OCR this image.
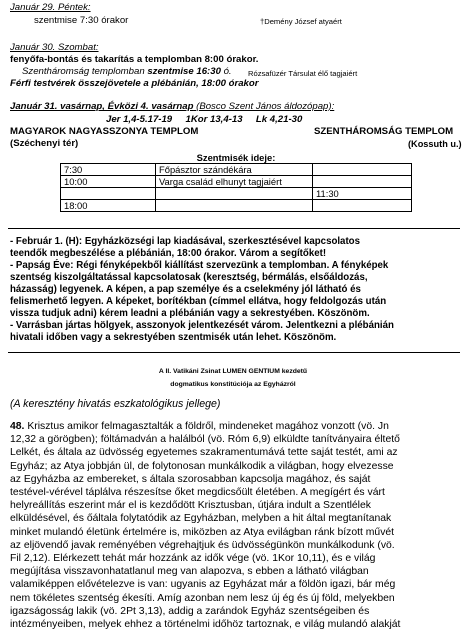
Január 29. Péntek:
szentmise 7:30 órakor	†Demény József atyaért
Január 30. Szombat:
fenyőfa-bontás és takarítás a templomban 8:00 órakor.
Szentháromság templomban szentmise 16:30 ó. Rózsafüzér Társulat élő tagjaiért
Férfi testvérek összejövetele a plébánián, 18:00 órakor
Január 31. vasárnap, Évközi 4. vasárnap (Bosco Szent János áldozópap):
Jer 1,4-5.17-19 1Kor 13,4-13 Lk 4,21-30
MAGYAROK NAGYASSZONYA TEMPLOM	SZENTHÁROMSÁG TEMPLOM
(Széchenyi tér)	(Kossuth u.)
Szentmisék ideje:		
7:30	Főpásztor szándékára	
10:00	Varga család elhunyt tagjaiért	
		11:30
18:00		
- Február 1. (H): Egyházközségi lap kiadásával, szerkesztésével kapcsolatos
teendők megbeszélése a plébánián, 18:00 órakor. Várom a segítőket!
- Papság Éve: Régi fényképekből kiállítást szervezünk a templomban. A fényképek
szentség kiszolgáltatással kapcsolatosak (keresztség, bérmálás, elsőáldozás,
házasság) legyenek. A képen, a pap személye és a cselekmény jól látható és
felismerhető legyen. A képeket, borítékban (címmel ellátva, hogy feldolgozás után
vissza tudjuk adni) kérem leadni a plébánián vagy a sekrestyében. Köszönöm.
- Varrásban jártas hölgyek, asszonyok jelentkezését várom. Jelentkezni a plébánián
hivatali időben vagy a sekrestyében szentmisék után lehet. Köszönöm.
A II. Vatikáni Zsinat LUMEN GENTIUM kezdetű
dogmatikus konstitúciója az Egyházról
(A keresztény hivatás eszkatológikus jellege)
48. Krisztus amikor felmagasztalták a földről, mindeneket magához vonzott (vö. Jn
12,32 a görögben); föltámadván a halálból (vö. Róm 6,9) elküldte tanítványaira éltető
Lelkét, és általa az üdvösség egyetemes szakramentumává tette saját testét, ami az
Egyház; az Atya jobbján ül, de folytonosan munkálkodik a világban, hogy elvezesse
az Egyházba az embereket, s általa szorosabban kapcsolja magához, és saját
testével-vérével táplálva részesítse őket megdicsőült életében. A megígért és várt
helyreállítás eszerint már el is kezdődött Krisztusban, útjára indult a Szentlélek
elküldésével, és őáltala folytatódik az Egyházban, melyben a hit által megtanítanak
minket mulandó életünk értelmére is, miközben az Atya evilágban ránk bízott művét
az eljövendő javak reményében végrehajtjuk és üdvösségünkön munkálkodunk (vö.
Fil 2,12). Elérkezett tehát már hozzánk az idők vége (vö. 1Kor 10,11), és e világ
megújítása visszavonhatatlanul meg van alapozva, s ebben a látható világban
valamiképpen elővételezve is van: ugyanis az Egyházat már a földön igazi, bár még
nem tökéletes szentség ékesíti. Amíg azonban nem lesz új ég és új föld, melyekben
igazságosság lakik (vö. 2Pt 3,13), addig a zarándok Egyház szentségeiben és
intézményeiben, melyek ehhez a történelmi időhöz tartoznak, e világ mulandó alakját
